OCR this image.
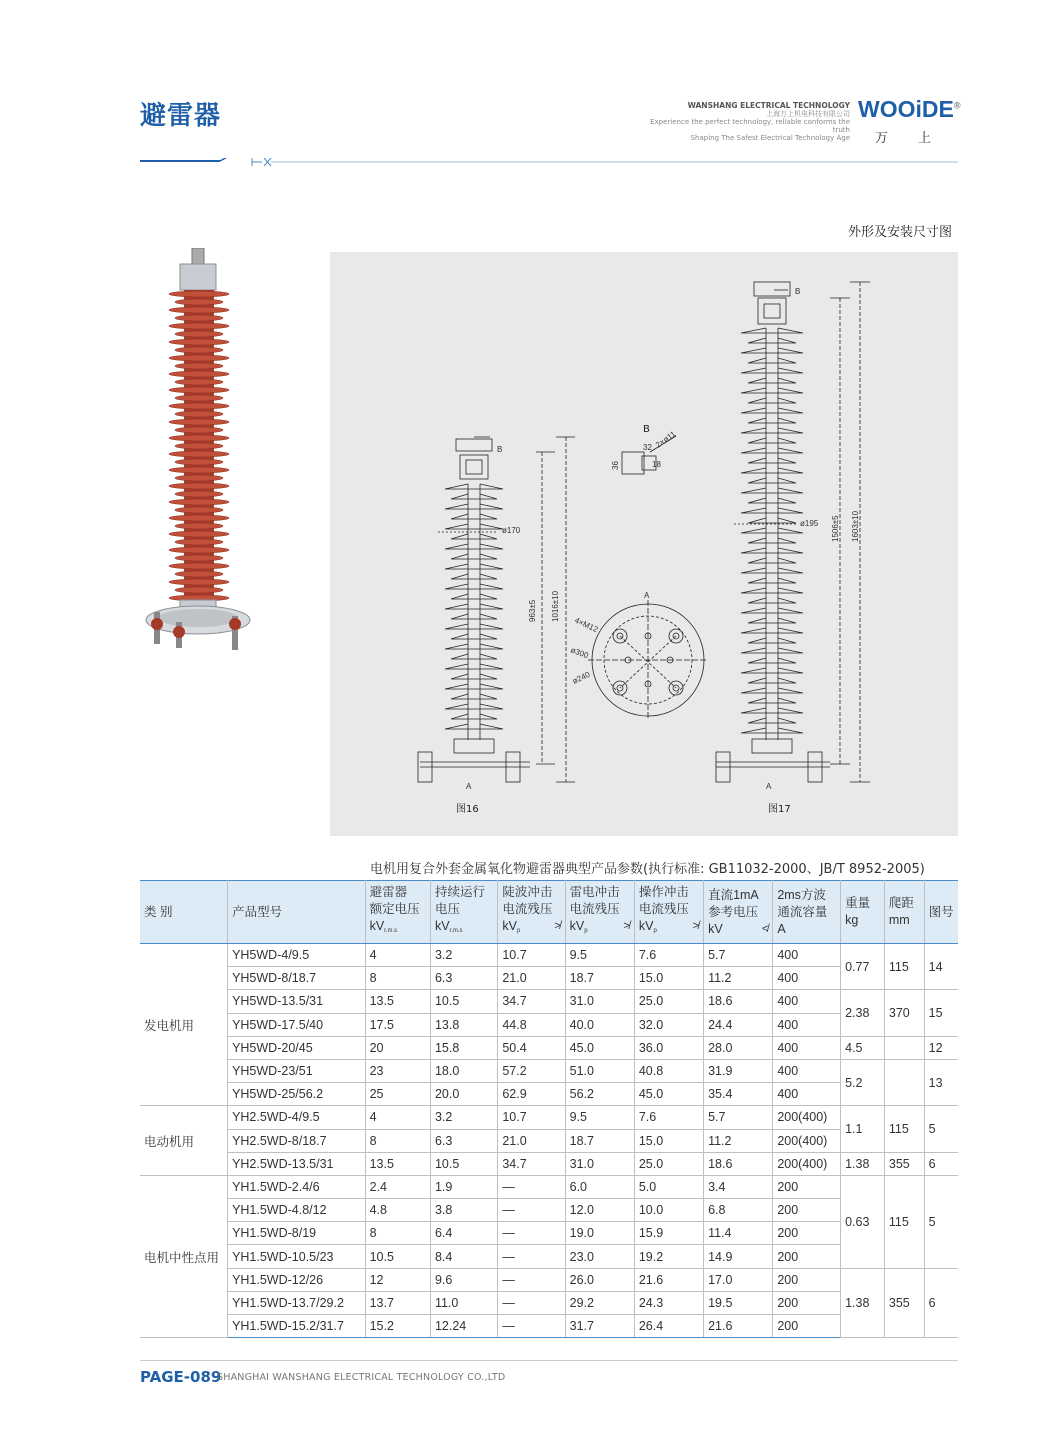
避雷器	WANSHANG ELECTRICAL TECHNOLOGY
上海万上机电科技有限公司
Experience the perfect technology, reliable conforms the truth
Shaping The Safest Electrical Technology Age
WOOiDE®
万上
外形及安装尺寸图
B
ø170
963±5 1016±10
A
图16
B
32
36
2×ø11
18
A
4×M12
ø300
ø240
B
ø195 1506±5 1603±10
A
图17
电机用复合外套金属氧化物避雷器典型产品参数(执行标准: GB11032-2000、JB/T 8952-2005)
类 别	产品型号	避雷器
额定电压
kVr.m.s	持续运行
电压
kVr.m.s	陡波冲击
电流残压
kVp ≯	雷电冲击
电流残压
kVp ≯	操作冲击
电流残压
kVp ≯	直流1mA
参考电压
kV ≮	2ms方波
通流容量
A	重量
kg	爬距
mm	图号
发电机用	YH5WD-4/9.5	4	3.2	10.7	9.5	7.6	5.7	400	0.77	115	14
	YH5WD-8/18.7	8	6.3	21.0	18.7	15.0	11.2	400			
	YH5WD-13.5/31	13.5	10.5	34.7	31.0	25.0	18.6	400	2.38	370	15
	YH5WD-17.5/40	17.5	13.8	44.8	40.0	32.0	24.4	400			
	YH5WD-20/45	20	15.8	50.4	45.0	36.0	28.0	400	4.5		12
	YH5WD-23/51	23	18.0	57.2	51.0	40.8	31.9	400	5.2		13
	YH5WD-25/56.2	25	20.0	62.9	56.2	45.0	35.4	400			
电动机用	YH2.5WD-4/9.5	4	3.2	10.7	9.5	7.6	5.7	200(400)	1.1	115	5
	YH2.5WD-8/18.7	8	6.3	21.0	18.7	15.0	11.2	200(400)			
	YH2.5WD-13.5/31	13.5	10.5	34.7	31.0	25.0	18.6	200(400)	1.38	355	6
电机中性点用	YH1.5WD-2.4/6	2.4	1.9	—	6.0	5.0	3.4	200	0.63	115	5
	YH1.5WD-4.8/12	4.8	3.8	—	12.0	10.0	6.8	200			
	YH1.5WD-8/19	8	6.4	—	19.0	15.9	11.4	200			
	YH1.5WD-10.5/23	10.5	8.4	—	23.0	19.2	14.9	200			
	YH1.5WD-12/26	12	9.6	—	26.0	21.6	17.0	200	1.38	355	6
	YH1.5WD-13.7/29.2	13.7	11.0	—	29.2	24.3	19.5	200			
	YH1.5WD-15.2/31.7	15.2	12.24	—	31.7	26.4	21.6	200			
PAGE-089
SHANGHAI WANSHANG ELECTRICAL TECHNOLOGY CO.,LTD
